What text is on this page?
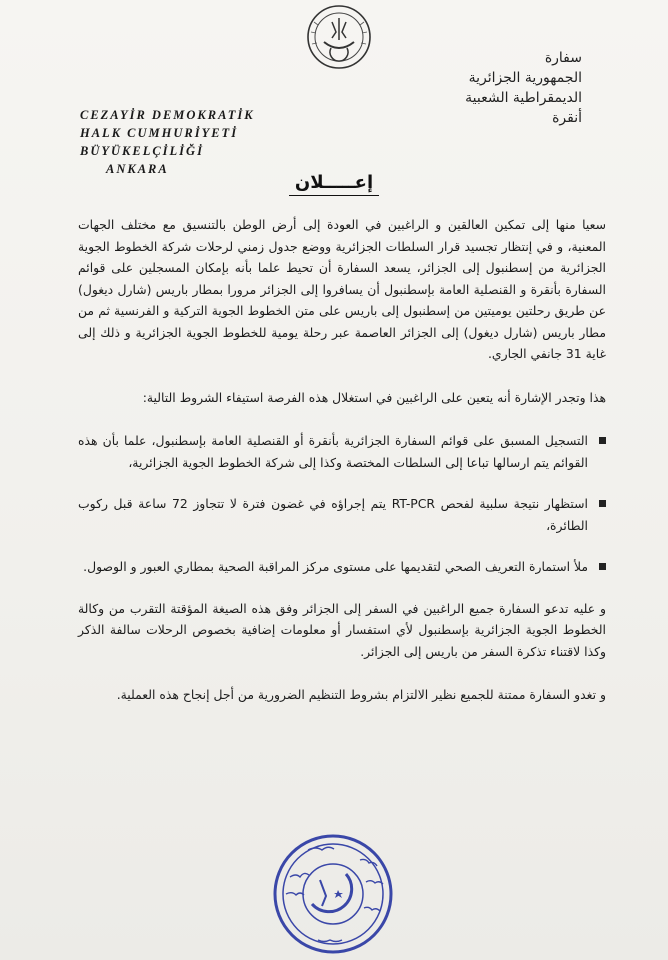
CEZAYİR DEMOKRATİK
HALK CUMHURİYETİ
BÜYÜKELÇİLİĞİ
ANKARA
سفارة
الجمهورية الجزائرية
الديمقراطية الشعبية
أنقرة
إعـــــلان

سعيا منها إلى تمكين العالقين و الراغبين في العودة إلى أرض الوطن بالتنسيق مع مختلف الجهات المعنية، و في إنتظار تجسيد قرار السلطات الجزائرية ووضع جدول زمني لرحلات شركة الخطوط الجوية الجزائرية من إسطنبول إلى الجزائر، يسعد السفارة أن تحيط علما بأنه بإمكان المسجلين على قوائم السفارة بأنقرة و القنصلية العامة بإسطنبول أن يسافروا إلى الجزائر مرورا بمطار باريس (شارل ديغول) عن طريق رحلتين يوميتين من إسطنبول إلى باريس على متن الخطوط الجوية التركية و الفرنسية ثم من مطار باريس (شارل ديغول) إلى الجزائر العاصمة عبر رحلة يومية للخطوط الجوية الجزائرية و ذلك إلى غاية 31 جانفي الجاري.

هذا وتجدر الإشارة أنه يتعين على الراغبين في استغلال هذه الفرصة استيفاء الشروط التالية:

التسجيل المسبق على قوائم السفارة الجزائرية بأنقرة أو القنصلية العامة بإسطنبول، علما بأن هذه القوائم يتم ارسالها تباعا إلى السلطات المختصة وكذا إلى شركة الخطوط الجوية الجزائرية،
استظهار نتيجة سلبية لفحص RT-PCR يتم إجراؤه في غضون فترة لا تتجاوز 72 ساعة قبل ركوب الطائرة،
ملأ استمارة التعريف الصحي لتقديمها على مستوى مركز المراقبة الصحية بمطاري العبور و الوصول.

و عليه تدعو السفارة جميع الراغبين في السفر إلى الجزائر وفق هذه الصيغة المؤقتة التقرب من وكالة الخطوط الجوية الجزائرية بإسطنبول لأي استفسار أو معلومات إضافية بخصوص الرحلات سالفة الذكر وكذا لاقتناء تذكرة السفر من باريس إلى الجزائر.

و تغدو السفارة ممتنة للجميع نظير الالتزام بشروط التنظيم الضرورية من أجل إنجاح هذه العملية.
